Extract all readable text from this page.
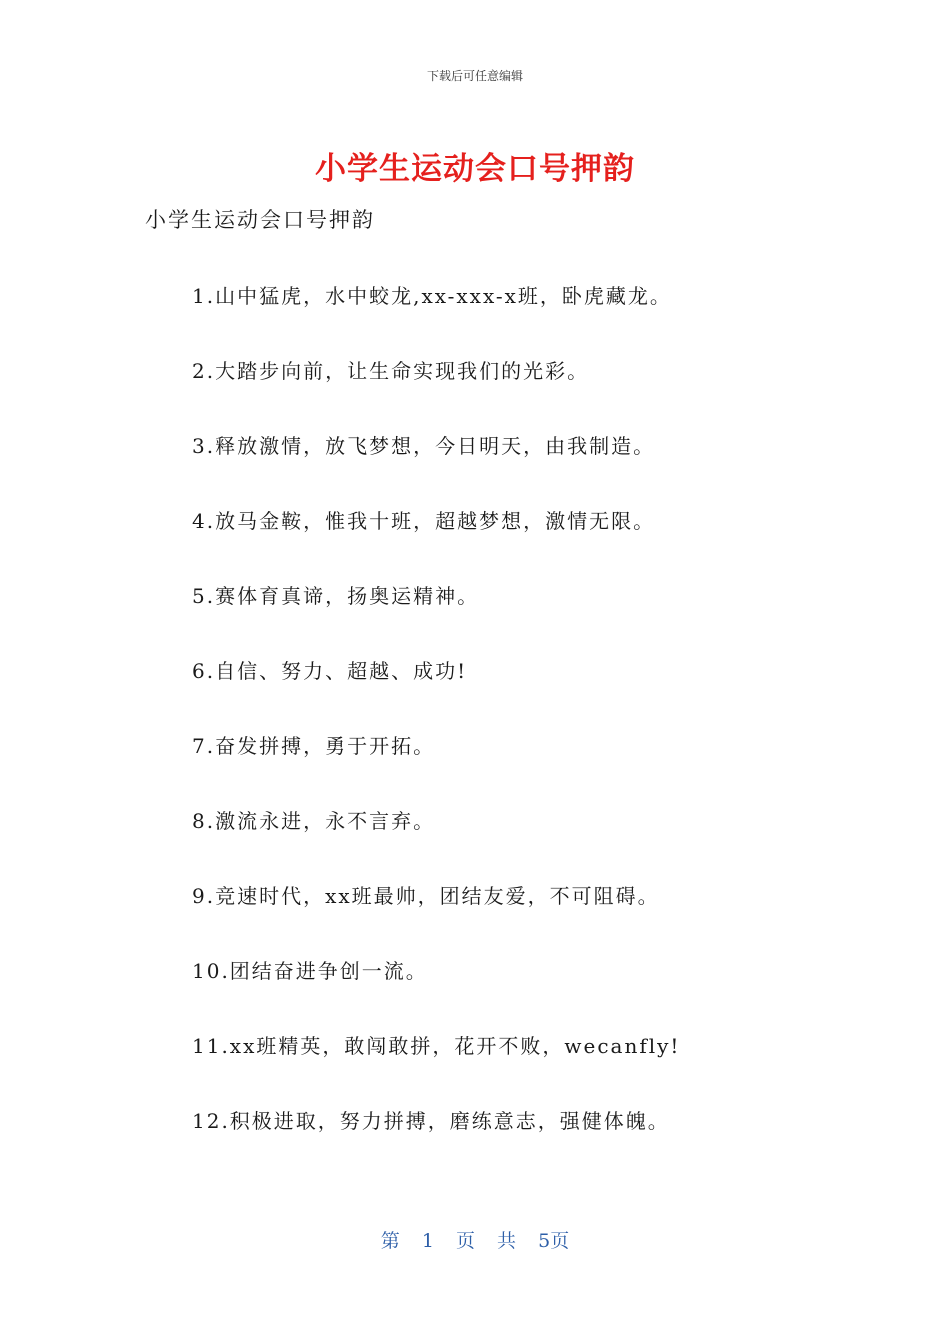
下载后可任意编辑
小学生运动会口号押韵
小学生运动会口号押韵
1.山中猛虎，水中蛟龙,xx-xxx-x班，卧虎藏龙。
2.大踏步向前，让生命实现我们的光彩。
3.释放激情，放飞梦想，今日明天，由我制造。
4.放马金鞍，惟我十班，超越梦想，激情无限。
5.赛体育真谛，扬奥运精神。
6.自信、努力、超越、成功!
7.奋发拼搏，勇于开拓。
8.激流永进，永不言弃。
9.竞速时代，xx班最帅，团结友爱，不可阻碍。
10.团结奋进争创一流。
11.xx班精英，敢闯敢拼，花开不败，wecanfly!
12.积极进取，努力拼搏，磨练意志，强健体魄。
第 1 页 共 5页
